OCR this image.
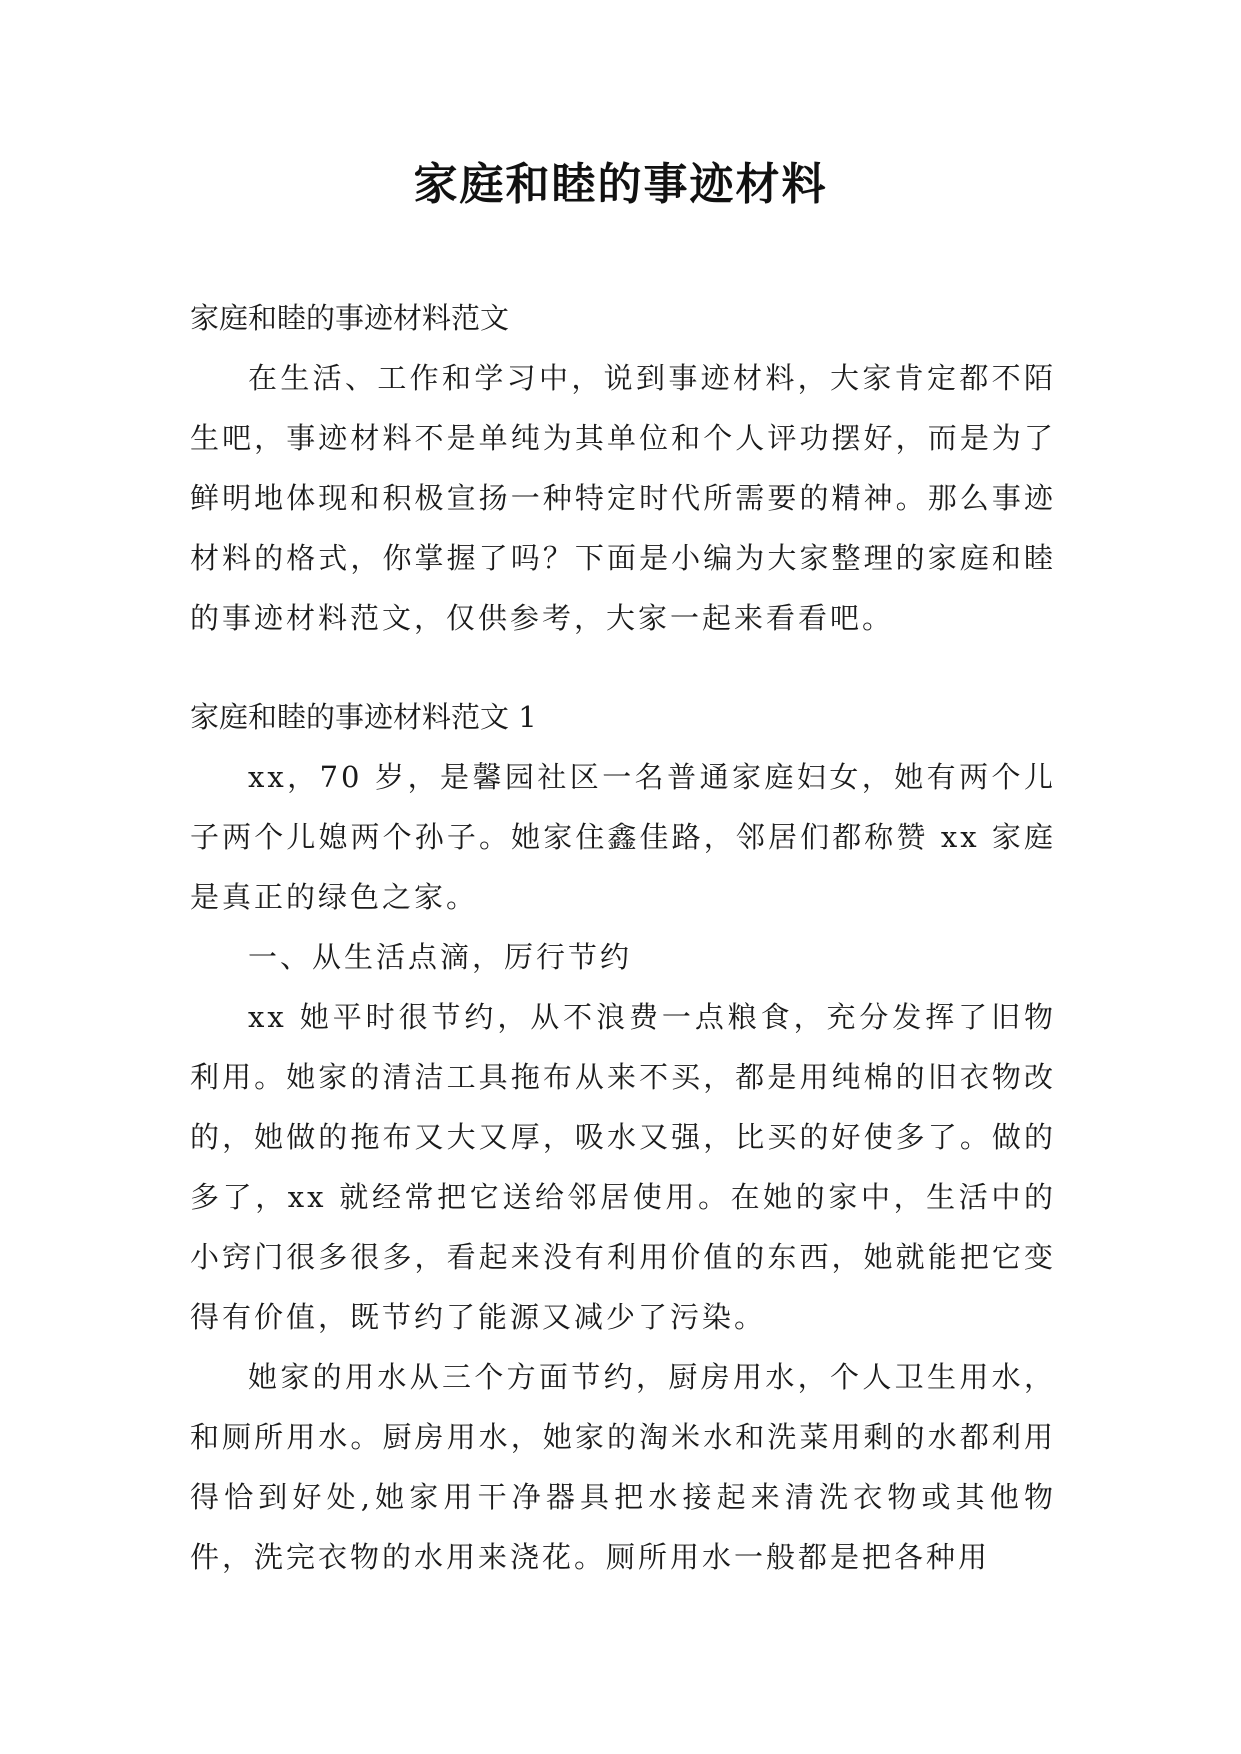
家庭和睦的事迹材料

家庭和睦的事迹材料范文

在生活、工作和学习中，说到事迹材料，大家肯定都不陌生吧，事迹材料不是单纯为其单位和个人评功摆好，而是为了鲜明地体现和积极宣扬一种特定时代所需要的精神。那么事迹材料的格式，你掌握了吗？下面是小编为大家整理的家庭和睦的事迹材料范文，仅供参考，大家一起来看看吧。

家庭和睦的事迹材料范文 1

xx，70 岁，是馨园社区一名普通家庭妇女，她有两个儿子两个儿媳两个孙子。她家住鑫佳路，邻居们都称赞 xx 家庭是真正的绿色之家。

一、从生活点滴，厉行节约

xx 她平时很节约，从不浪费一点粮食，充分发挥了旧物利用。她家的清洁工具拖布从来不买，都是用纯棉的旧衣物改的，她做的拖布又大又厚，吸水又强，比买的好使多了。做的多了，xx 就经常把它送给邻居使用。在她的家中，生活中的小窍门很多很多，看起来没有利用价值的东西，她就能把它变得有价值，既节约了能源又减少了污染。

她家的用水从三个方面节约，厨房用水，个人卫生用水，和厕所用水。厨房用水，她家的淘米水和洗菜用剩的水都利用得恰到好处,她家用干净器具把水接起来清洗衣物或其他物件，洗完衣物的水用来浇花。厕所用水一般都是把各种用
